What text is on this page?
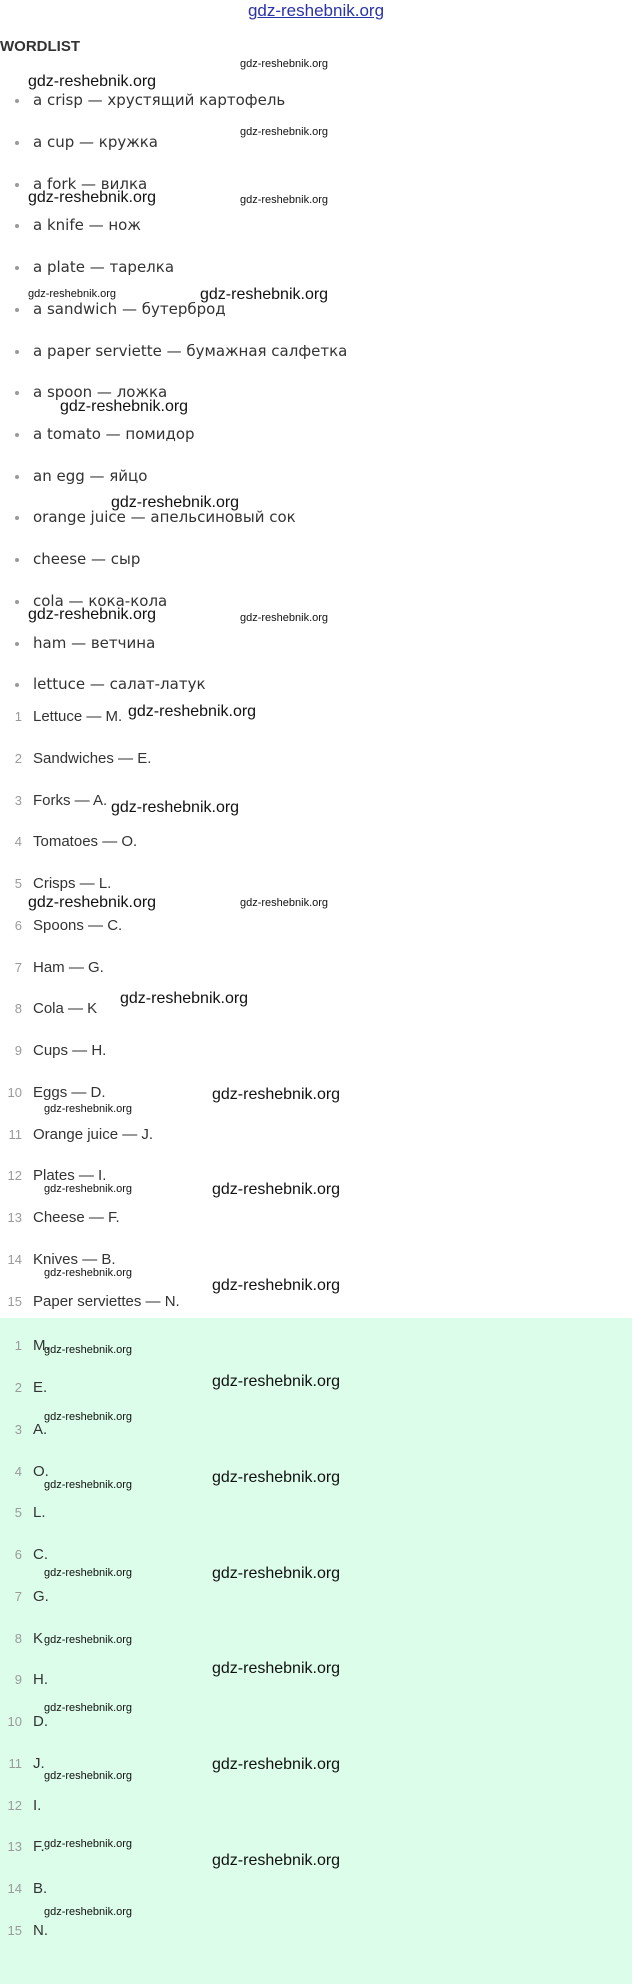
gdz-reshebnik.org
WORDLIST
a crisp — хрустящий картофель
a cup — кружка
a fork — вилка
a knife — нож
a plate — тарелка
a sandwich — бутерброд
a paper serviette — бумажная салфетка
a spoon — ложка
a tomato — помидор
an egg — яйцо
orange juice — апельсиновый сок
cheese — сыр
cola — кока-кола
ham — ветчина
lettuce — салат-латук
1 Lettuce — M.
2 Sandwiches — E.
3 Forks — A.
4 Tomatoes — O.
5 Crisps — L.
6 Spoons — C.
7 Ham — G.
8 Cola — K
9 Cups — H.
10 Eggs — D.
11 Orange juice — J.
12 Plates — I.
13 Cheese — F.
14 Knives — B.
15 Paper serviettes — N.
1 M.
2 E.
3 A.
4 O.
5 L.
6 C.
7 G.
8 K
9 H.
10 D.
11 J.
12 I.
13 F.
14 B.
15 N.
gdz-reshebnik.org
gdz-reshebnik.org
gdz-reshebnik.org
gdz-reshebnik.org	gdz-reshebnik.org
gdz-reshebnik.org	gdz-reshebnik.org
gdz-reshebnik.org
gdz-reshebnik.org
gdz-reshebnik.org	gdz-reshebnik.org
gdz-reshebnik.org
gdz-reshebnik.org
gdz-reshebnik.org	gdz-reshebnik.org
gdz-reshebnik.org
gdz-reshebnik.org
gdz-reshebnik.org
gdz-reshebnik.org	gdz-reshebnik.org
gdz-reshebnik.org
gdz-reshebnik.org
gdz-reshebnik.org
gdz-reshebnik.org
gdz-reshebnik.org
gdz-reshebnik.org	gdz-reshebnik.org
gdz-reshebnik.org	gdz-reshebnik.org
gdz-reshebnik.org
gdz-reshebnik.org
gdz-reshebnik.org
gdz-reshebnik.org
gdz-reshebnik.org
gdz-reshebnik.org
gdz-reshebnik.org
gdz-reshebnik.org
